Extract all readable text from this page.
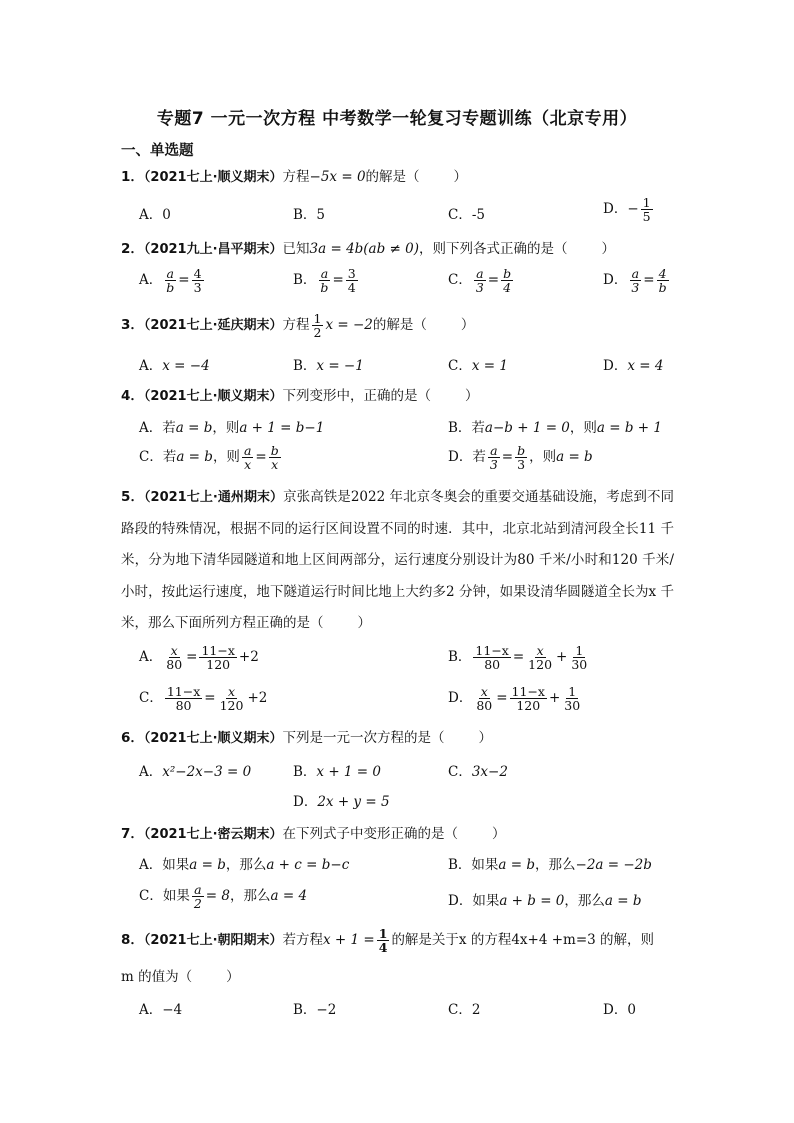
专题7 一元一次方程 中考数学一轮复习专题训练（北京专用）
一、单选题
1．（2021七上·顺义期末）方程−5x = 0的解是（	）
A．0	B．5	C．-5	D．− $\frac{1}{5}$
2．（2021九上·昌平期末）已知3a = 4b(ab ≠ 0)，则下列各式正确的是（	）
A． $\frac{a}{b} = \frac{4}{3}$	B． $\frac{a}{b} = \frac{3}{4}$	C． $\frac{a}{3} = \frac{b}{4}$	D． $\frac{a}{3} = \frac{4}{b}$
3．（2021七上·延庆期末）方程 $\frac{1}{2}$ x = −2的解是（	）
A．x = −4	B．x = −1	C．x = 1	D．x = 4
4．（2021七上·顺义期末）下列变形中，正确的是（	）
A．若a = b，则a + 1 = b−1	B．若a−b + 1 = 0，则a = b + 1
C．若a = b，则 $\frac{a}{x} = \frac{b}{x}$	D．若 $\frac{a}{3} = \frac{b}{3}$ ，则a = b
5．（2021七上·通州期末）京张高铁是2022 年北京冬奥会的重要交通基础设施，考虑到不同路段的特殊情况，根据不同的运行区间设置不同的时速．其中，北京北站到清河段全长11 千米，分为地下清华园隧道和地上区间两部分，运行速度分别设计为80 千米/小时和120 千米/小时，按此运行速度，地下隧道运行时间比地上大约多2 分钟，如果设清华圆隧道全长为x 千米，那么下面所列方程正确的是（	）
A． $\frac{x}{80} = \frac{11-x}{120} +2$	B． $\frac{11-x}{80} = \frac{x}{120} + \frac{1}{30}$
C． $\frac{11-x}{80} = \frac{x}{120} +2$	D． $\frac{x}{80} = \frac{11-x}{120} + \frac{1}{30}$
6．（2021七上·顺义期末）下列是一元一次方程的是（	）
A．x²−2x−3 = 0	B．x + 1 = 0	C．3x−2
D．2x + y = 5
7．（2021七上·密云期末）在下列式子中变形正确的是（	）
A．如果a = b，那么a + c = b−c	B．如果a = b，那么−2a = −2b
C．如果 $\frac{a}{2} = 8$，那么a = 4	D．如果a + b = 0，那么a = b
8．（2021七上·朝阳期末）若方程$x + 1 = \frac{1}{4}$ 的解是关于x 的方程4x+4 +m=3 的解，则
m 的值为（	）
A．−4	B．−2	C．2	D．0
